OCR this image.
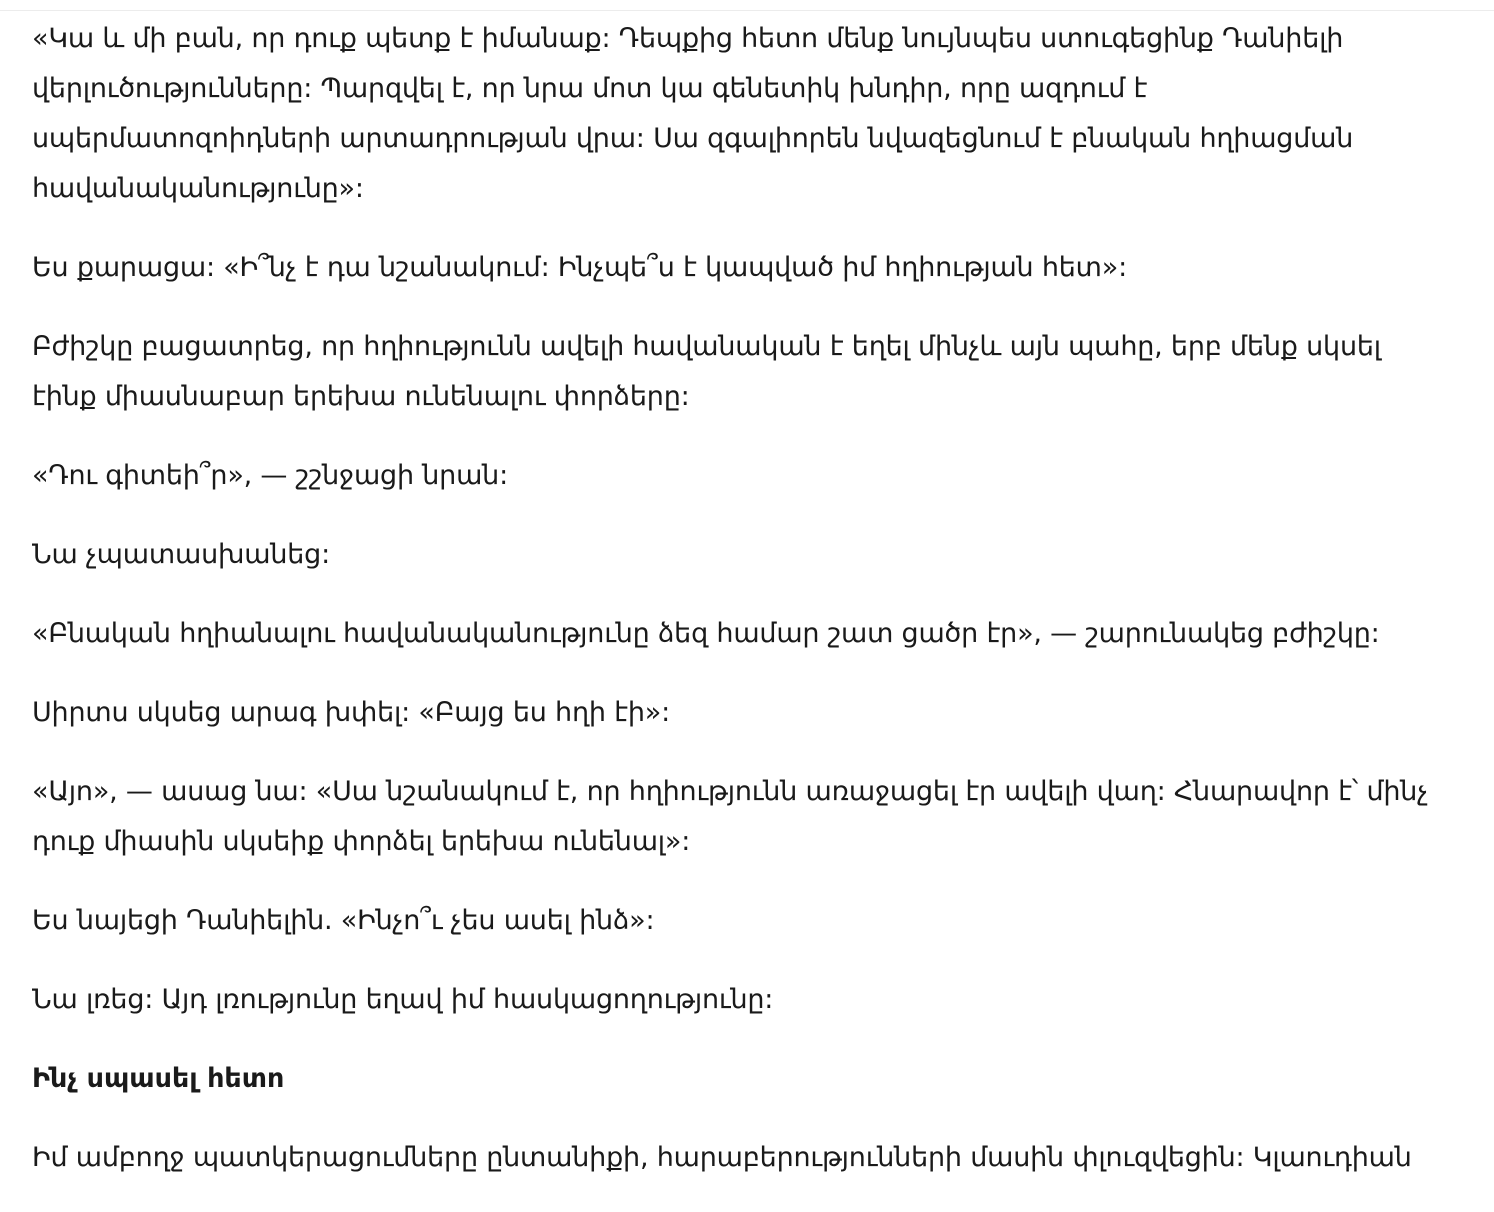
«Կա և մի բան, որ դուք պետք է իմանաք: Դեպքից հետո մենք նույնպես ստուգեցինք Դանիելի վերլուծությունները: Պարզվել է, որ նրա մոտ կա գենետիկ խնդիր, որը ազդում է սպերմատոզոիդների արտադրության վրա: Սա զգալիորեն նվազեցնում է բնական հղիացման հավանականությունը»:

Ես քարացա: «Ի՞նչ է դա նշանակում: Ինչպե՞ս է կապված իմ հղիության հետ»:

Բժիշկը բացատրեց, որ հղիությունն ավելի հավանական է եղել մինչև այն պահը, երբ մենք սկսել էինք միասնաբար երեխա ունենալու փորձերը:

«Դու գիտեի՞ր», — շշնջացի նրան:

Նա չպատասխանեց:

«Բնական հղիանալու հավանականությունը ձեզ համար շատ ցածր էր», — շարունակեց բժիշկը:

Սիրտս սկսեց արագ խփել: «Բայց ես հղի էի»:

«Այո», — ասաց նա: «Սա նշանակում է, որ հղիությունն առաջացել էր ավելի վաղ: Հնարավոր է՝ մինչ դուք միասին սկսեիք փորձել երեխա ունենալ»:

Ես նայեցի Դանիելին. «Ինչո՞ւ չես ասել ինձ»:

Նա լռեց: Այդ լռությունը եղավ իմ հասկացողությունը:

Ինչ սպասել հետո

Իմ ամբողջ պատկերացումները ընտանիքի, հարաբերությունների մասին փլուզվեցին: Կլաուդիան
